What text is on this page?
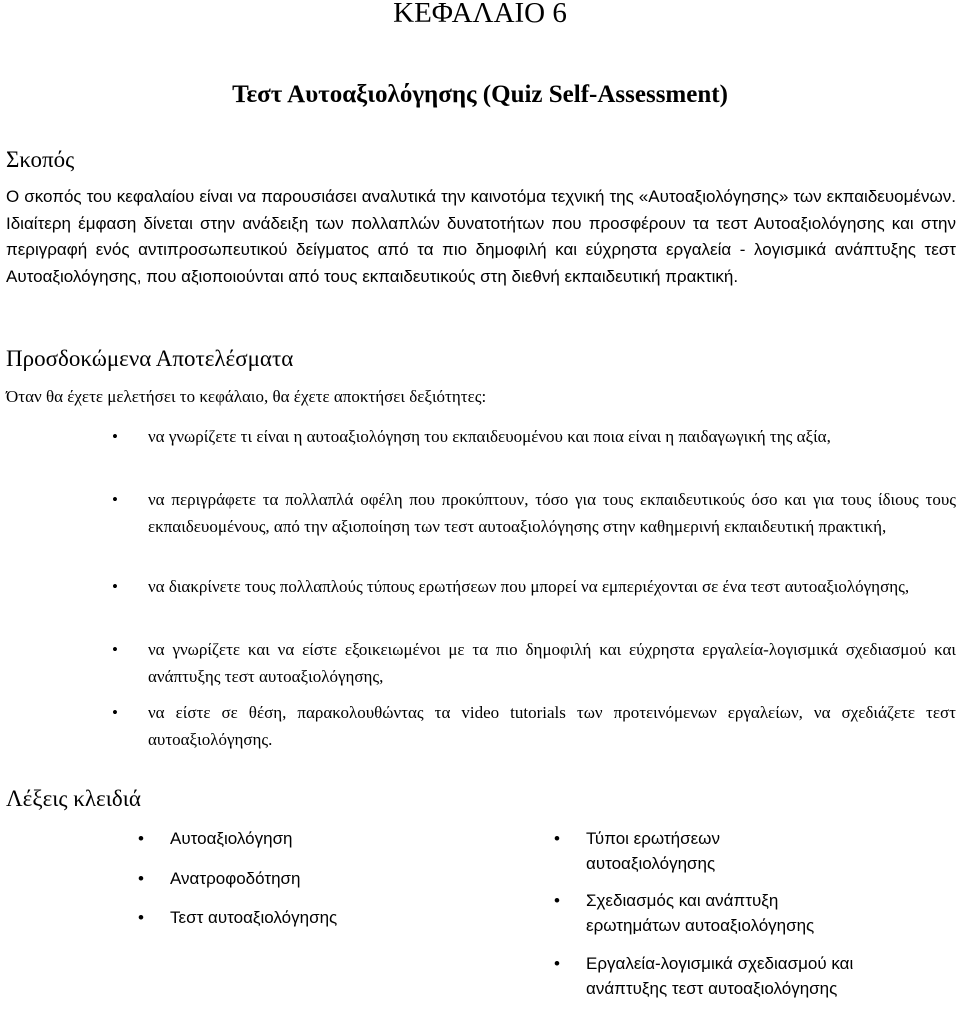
ΚΕΦΑΛΑΙΟ 6
Τεστ Αυτοαξιολόγησης (Quiz Self-Assessment)
Σκοπός

Ο σκοπός του κεφαλαίου είναι να παρουσιάσει αναλυτικά την καινοτόμα τεχνική της «Αυτοαξιολόγησης» των εκπαιδευομένων. Ιδιαίτερη έμφαση δίνεται στην ανάδειξη των πολλαπλών δυνατοτήτων που προσφέρουν τα τεστ Αυτοαξιολόγησης και στην περιγραφή ενός αντιπροσωπευτικού δείγματος από τα πιο δημοφιλή και εύχρηστα εργαλεία - λογισμικά ανάπτυξης τεστ Αυτοαξιολόγησης, που αξιοποιούνται από τους εκπαιδευτικούς στη διεθνή εκπαιδευτική πρακτική.

Προσδοκώμενα Αποτελέσματα

Όταν θα έχετε μελετήσει το κεφάλαιο, θα έχετε αποκτήσει δεξιότητες:

• να γνωρίζετε τι είναι η αυτοαξιολόγηση του εκπαιδευομένου και ποια είναι η παιδαγωγική της αξία,
• να περιγράφετε τα πολλαπλά οφέλη που προκύπτουν, τόσο για τους εκπαιδευτικούς όσο και για τους ίδιους τους εκπαιδευομένους, από την αξιοποίηση των τεστ αυτοαξιολόγησης στην καθημερινή εκπαιδευτική πρακτική,
• να διακρίνετε τους πολλαπλούς τύπους ερωτήσεων που μπορεί να εμπεριέχονται σε ένα τεστ αυτοαξιολόγησης,
• να γνωρίζετε και να είστε εξοικειωμένοι με τα πιο δημοφιλή και εύχρηστα εργαλεία-λογισμικά σχεδιασμού και ανάπτυξης τεστ αυτοαξιολόγησης,
• να είστε σε θέση, παρακολουθώντας τα video tutorials των προτεινόμενων εργαλείων, να σχεδιάζετε τεστ αυτοαξιολόγησης.
Λέξεις κλειδιά
• Αυτοαξιολόγηση
• Ανατροφοδότηση
• Τεστ αυτοαξιολόγησης
• Τύποι ερωτήσεων αυτοαξιολόγησης
• Σχεδιασμός και ανάπτυξη ερωτημάτων αυτοαξιολόγησης
• Εργαλεία-λογισμικά σχεδιασμού και ανάπτυξης τεστ αυτοαξιολόγησης
